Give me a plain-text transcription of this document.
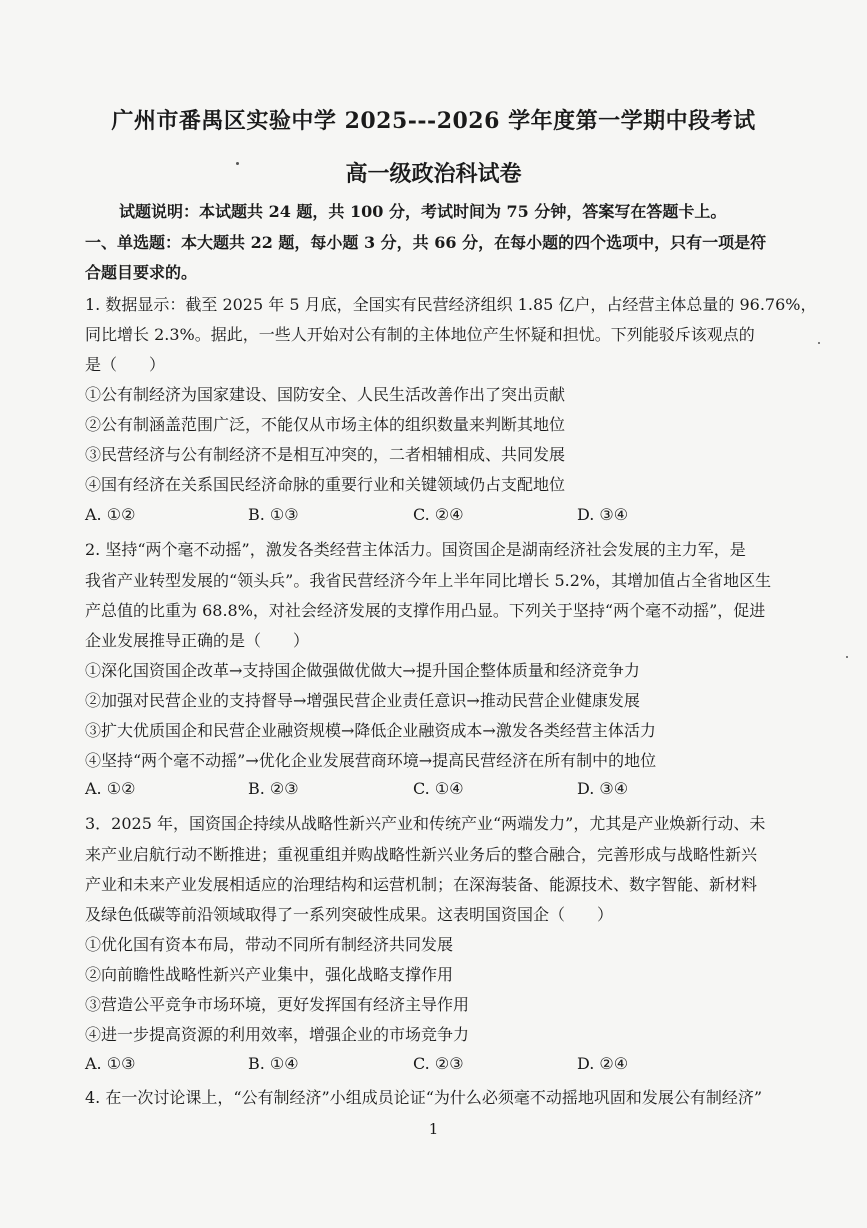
广州市番禺区实验中学 2025---2026 学年度第一学期中段考试
高一级政治科试卷
试题说明：本试题共 24 题，共 100 分，考试时间为 75 分钟，答案写在答题卡上。
一、单选题：本大题共 22 题，每小题 3 分，共 66 分，在每小题的四个选项中，只有一项是符
合题目要求的。
1. 数据显示：截至 2025 年 5 月底，全国实有民营经济组织 1.85 亿户，占经营主体总量的 96.76%，
同比增长 2.3%。据此，一些人开始对公有制的主体地位产生怀疑和担忧。下列能驳斥该观点的
是（　　）
①公有制经济为国家建设、国防安全、人民生活改善作出了突出贡献
②公有制涵盖范围广泛，不能仅从市场主体的组织数量来判断其地位
③民营经济与公有制经济不是相互冲突的，二者相辅相成、共同发展
④国有经济在关系国民经济命脉的重要行业和关键领域仍占支配地位
A. ①②	B. ①③	C. ②④	D. ③④
2. 坚持“两个毫不动摇”，激发各类经营主体活力。国资国企是湖南经济社会发展的主力军，是
我省产业转型发展的“领头兵”。我省民营经济今年上半年同比增长 5.2%，其增加值占全省地区生
产总值的比重为 68.8%，对社会经济发展的支撑作用凸显。下列关于坚持“两个毫不动摇”，促进
企业发展推导正确的是（　　）
①深化国资国企改革→支持国企做强做优做大→提升国企整体质量和经济竞争力
②加强对民营企业的支持督导→增强民营企业责任意识→推动民营企业健康发展
③扩大优质国企和民营企业融资规模→降低企业融资成本→激发各类经营主体活力
④坚持“两个毫不动摇”→优化企业发展营商环境→提高民营经济在所有制中的地位
A. ①②	B. ②③	C. ①④	D. ③④
3．2025 年，国资国企持续从战略性新兴产业和传统产业“两端发力”，尤其是产业焕新行动、未
来产业启航行动不断推进；重视重组并购战略性新兴业务后的整合融合，完善形成与战略性新兴
产业和未来产业发展相适应的治理结构和运营机制；在深海装备、能源技术、数字智能、新材料
及绿色低碳等前沿领域取得了一系列突破性成果。这表明国资国企（　　）
①优化国有资本布局，带动不同所有制经济共同发展
②向前瞻性战略性新兴产业集中，强化战略支撑作用
③营造公平竞争市场环境，更好发挥国有经济主导作用
④进一步提高资源的利用效率，增强企业的市场竞争力
A. ①③	B. ①④	C. ②③	D. ②④
4. 在一次讨论课上，“公有制经济”小组成员论证“为什么必须毫不动摇地巩固和发展公有制经济”
1
